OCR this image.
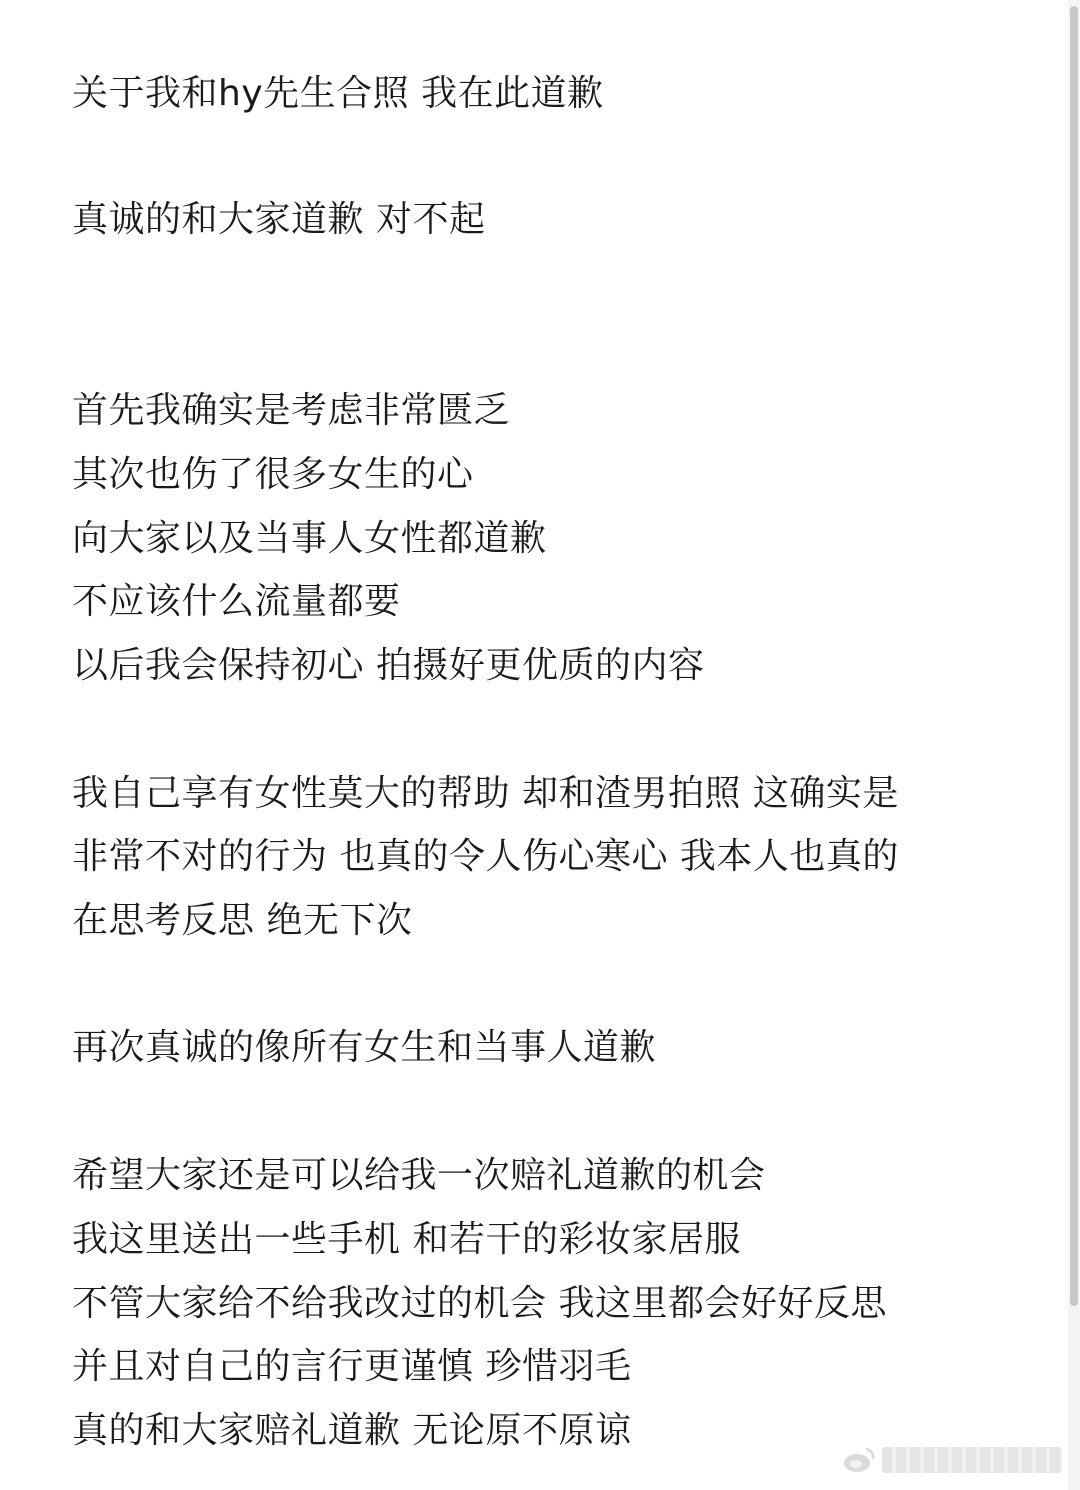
关于我和hy先生合照 我在此道歉
真诚的和大家道歉 对不起
首先我确实是考虑非常匮乏
其次也伤了很多女生的心
向大家以及当事人女性都道歉
不应该什么流量都要
以后我会保持初心 拍摄好更优质的内容
我自己享有女性莫大的帮助 却和渣男拍照 这确实是
非常不对的行为 也真的令人伤心寒心 我本人也真的
在思考反思 绝无下次
再次真诚的像所有女生和当事人道歉
希望大家还是可以给我一次赔礼道歉的机会
我这里送出一些手机 和若干的彩妆家居服
不管大家给不给我改过的机会 我这里都会好好反思
并且对自己的言行更谨慎 珍惜羽毛
真的和大家赔礼道歉 无论原不原谅
